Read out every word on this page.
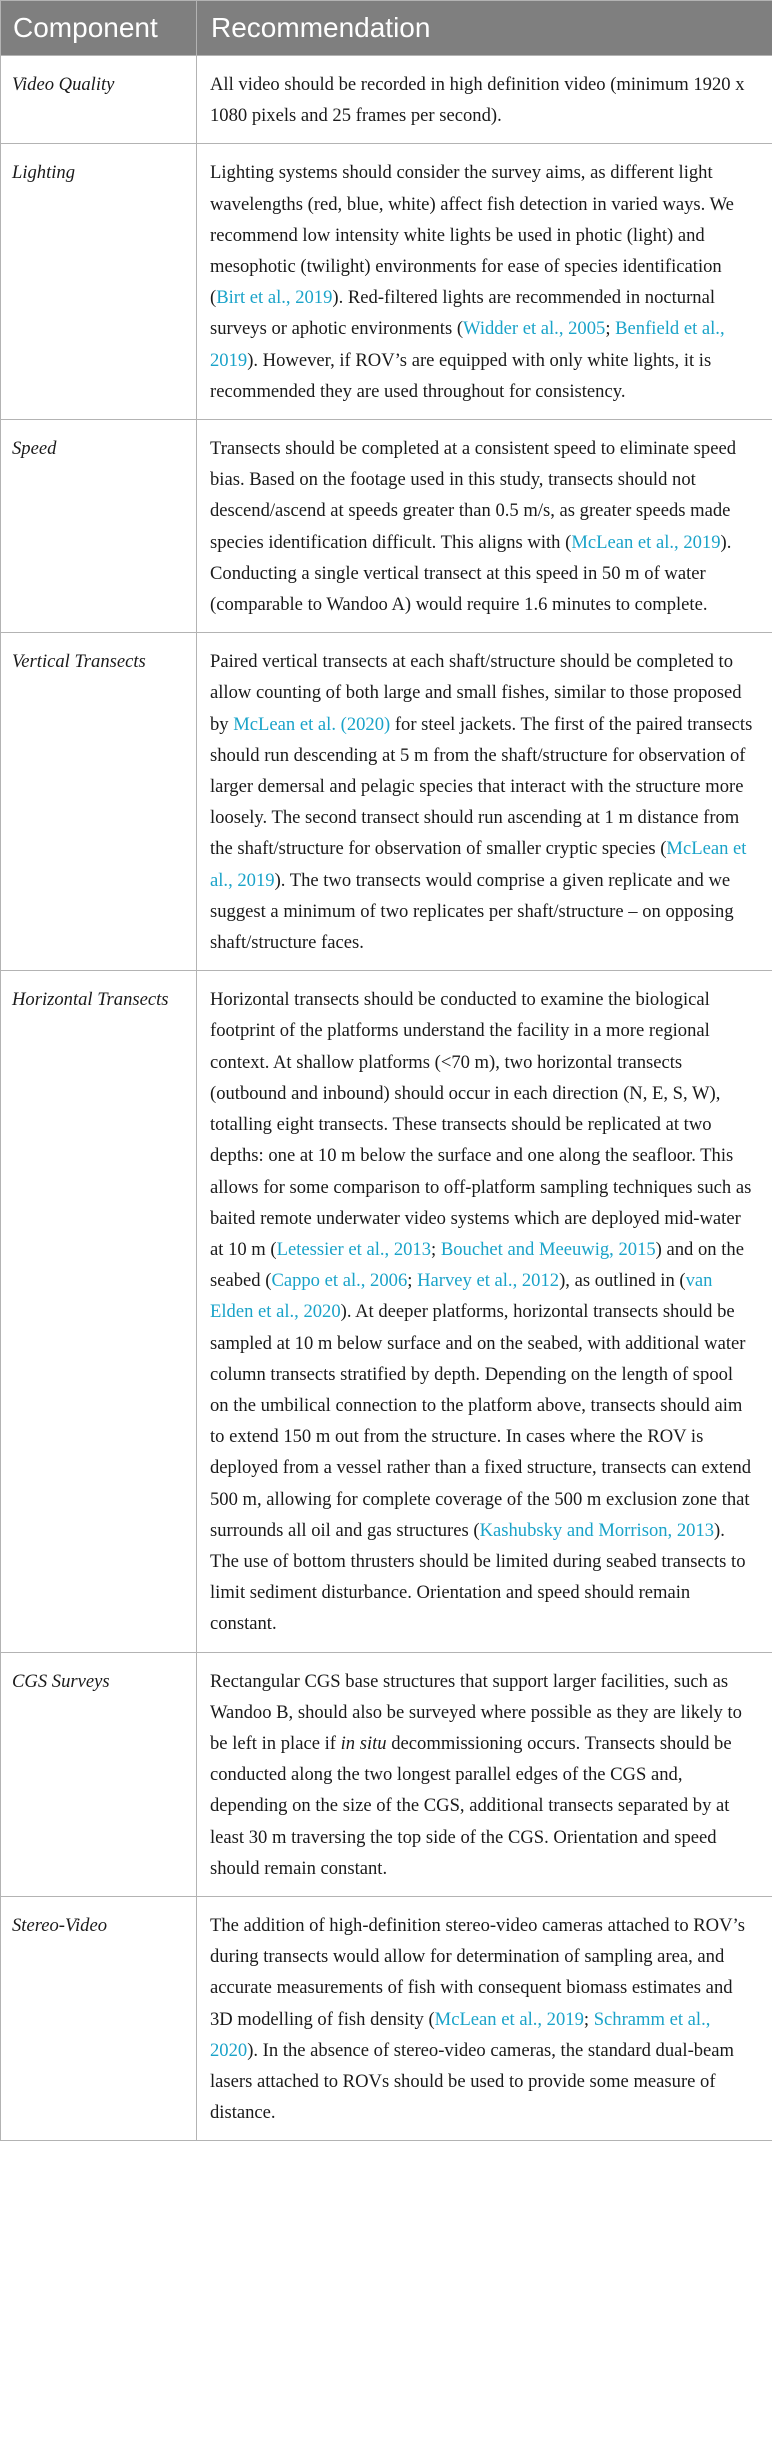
Component	Recommendation
Video Quality	All video should be recorded in high definition video (minimum 1920 x 1080 pixels and 25 frames per second).
Lighting	Lighting systems should consider the survey aims, as different light wavelengths (red, blue, white) affect fish detection in varied ways. We recommend low intensity white lights be used in photic (light) and mesophotic (twilight) environments for ease of species identification (Birt et al., 2019). Red-filtered lights are recommended in nocturnal surveys or aphotic environments (Widder et al., 2005; Benfield et al., 2019). However, if ROV’s are equipped with only white lights, it is recommended they are used throughout for consistency.
Speed	Transects should be completed at a consistent speed to eliminate speed bias. Based on the footage used in this study, transects should not descend/ascend at speeds greater than 0.5 m/s, as greater speeds made species identification difficult. This aligns with (McLean et al., 2019). Conducting a single vertical transect at this speed in 50 m of water (comparable to Wandoo A) would require 1.6 minutes to complete.
Vertical Transects	Paired vertical transects at each shaft/structure should be completed to allow counting of both large and small fishes, similar to those proposed by McLean et al. (2020) for steel jackets. The first of the paired transects should run descending at 5 m from the shaft/structure for observation of larger demersal and pelagic species that interact with the structure more loosely. The second transect should run ascending at 1 m distance from the shaft/structure for observation of smaller cryptic species (McLean et al., 2019). The two transects would comprise a given replicate and we suggest a minimum of two replicates per shaft/structure – on opposing shaft/structure faces.
Horizontal Transects	Horizontal transects should be conducted to examine the biological footprint of the platforms understand the facility in a more regional context. At shallow platforms (<70 m), two horizontal transects (outbound and inbound) should occur in each direction (N, E, S, W), totalling eight transects. These transects should be replicated at two depths: one at 10 m below the surface and one along the seafloor. This allows for some comparison to off-platform sampling techniques such as baited remote underwater video systems which are deployed mid-water at 10 m (Letessier et al., 2013; Bouchet and Meeuwig, 2015) and on the seabed (Cappo et al., 2006; Harvey et al., 2012), as outlined in (van Elden et al., 2020). At deeper platforms, horizontal transects should be sampled at 10 m below surface and on the seabed, with additional water column transects stratified by depth. Depending on the length of spool on the umbilical connection to the platform above, transects should aim to extend 150 m out from the structure. In cases where the ROV is deployed from a vessel rather than a fixed structure, transects can extend 500 m, allowing for complete coverage of the 500 m exclusion zone that surrounds all oil and gas structures (Kashubsky and Morrison, 2013). The use of bottom thrusters should be limited during seabed transects to limit sediment disturbance. Orientation and speed should remain constant.
CGS Surveys	Rectangular CGS base structures that support larger facilities, such as Wandoo B, should also be surveyed where possible as they are likely to be left in place if in situ decommissioning occurs. Transects should be conducted along the two longest parallel edges of the CGS and, depending on the size of the CGS, additional transects separated by at least 30 m traversing the top side of the CGS. Orientation and speed should remain constant.
Stereo-Video	The addition of high-definition stereo-video cameras attached to ROV’s during transects would allow for determination of sampling area, and accurate measurements of fish with consequent biomass estimates and 3D modelling of fish density (McLean et al., 2019; Schramm et al., 2020). In the absence of stereo-video cameras, the standard dual-beam lasers attached to ROVs should be used to provide some measure of distance.
